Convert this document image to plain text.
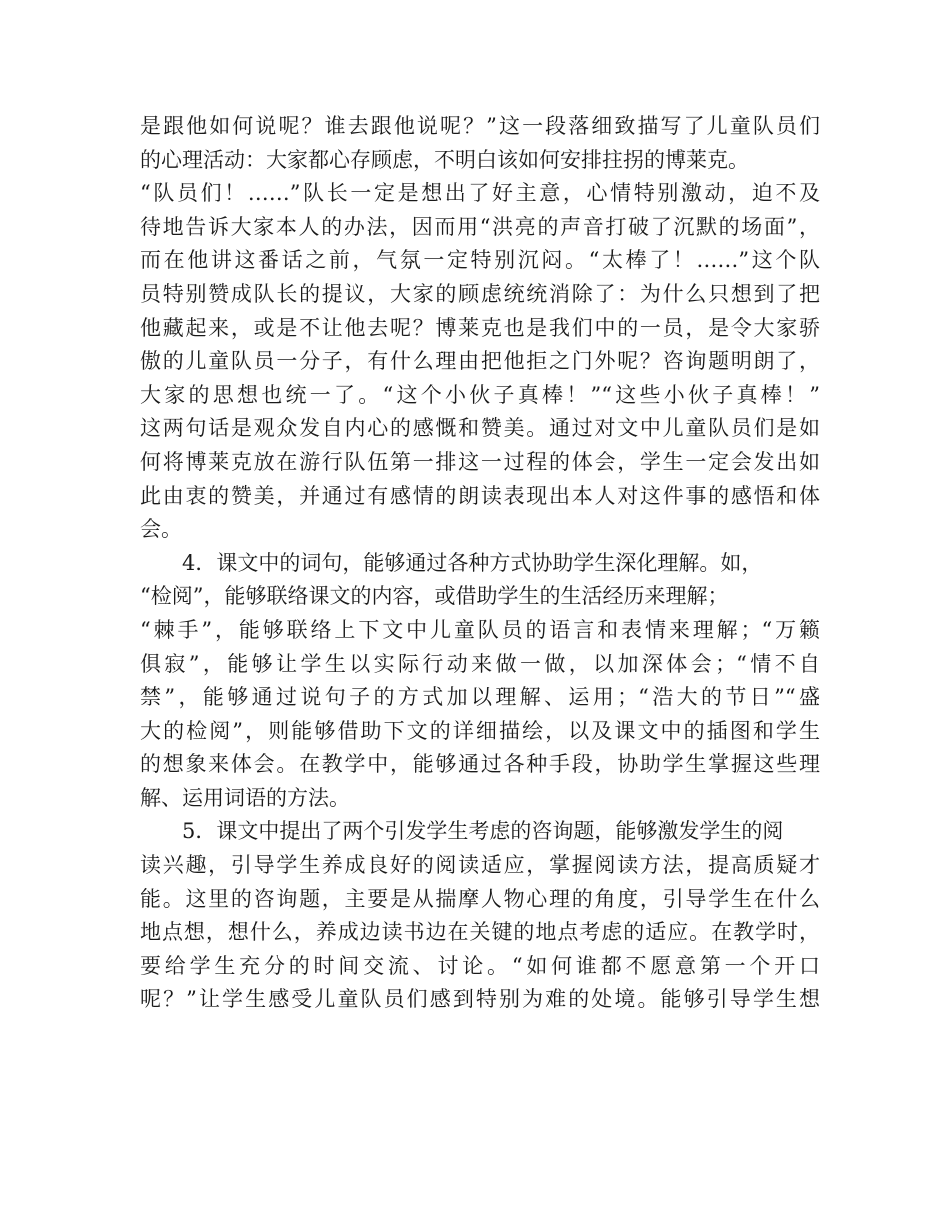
是跟他如何说呢？谁去跟他说呢？”这一段落细致描写了儿童队员们
的心理活动：大家都心存顾虑，不明白该如何安排拄拐的博莱克。
“队员们！……”队长一定是想出了好主意，心情特别激动，迫不及
待地告诉大家本人的办法，因而用“洪亮的声音打破了沉默的场面”，
而在他讲这番话之前，气氛一定特别沉闷。“太棒了！……”这个队
员特别赞成队长的提议，大家的顾虑统统消除了：为什么只想到了把
他藏起来，或是不让他去呢？博莱克也是我们中的一员，是令大家骄
傲的儿童队员一分子，有什么理由把他拒之门外呢？咨询题明朗了，
大家的思想也统一了。“这个小伙子真棒！”“这些小伙子真棒！”
这两句话是观众发自内心的感慨和赞美。通过对文中儿童队员们是如
何将博莱克放在游行队伍第一排这一过程的体会，学生一定会发出如
此由衷的赞美，并通过有感情的朗读表现出本人对这件事的感悟和体
会。
4．课文中的词句，能够通过各种方式协助学生深化理解。如，
“检阅”，能够联络课文的内容，或借助学生的生活经历来理解；
“棘手”，能够联络上下文中儿童队员的语言和表情来理解；“万籁
俱寂”，能够让学生以实际行动来做一做，以加深体会；“情不自
禁”，能够通过说句子的方式加以理解、运用；“浩大的节日”“盛
大的检阅”，则能够借助下文的详细描绘，以及课文中的插图和学生
的想象来体会。在教学中，能够通过各种手段，协助学生掌握这些理
解、运用词语的方法。
5．课文中提出了两个引发学生考虑的咨询题，能够激发学生的阅
读兴趣，引导学生养成良好的阅读适应，掌握阅读方法，提高质疑才
能。这里的咨询题，主要是从揣摩人物心理的角度，引导学生在什么
地点想，想什么，养成边读书边在关键的地点考虑的适应。在教学时，
要给学生充分的时间交流、讨论。“如何谁都不愿意第一个开口
呢？”让学生感受儿童队员们感到特别为难的处境。能够引导学生想
